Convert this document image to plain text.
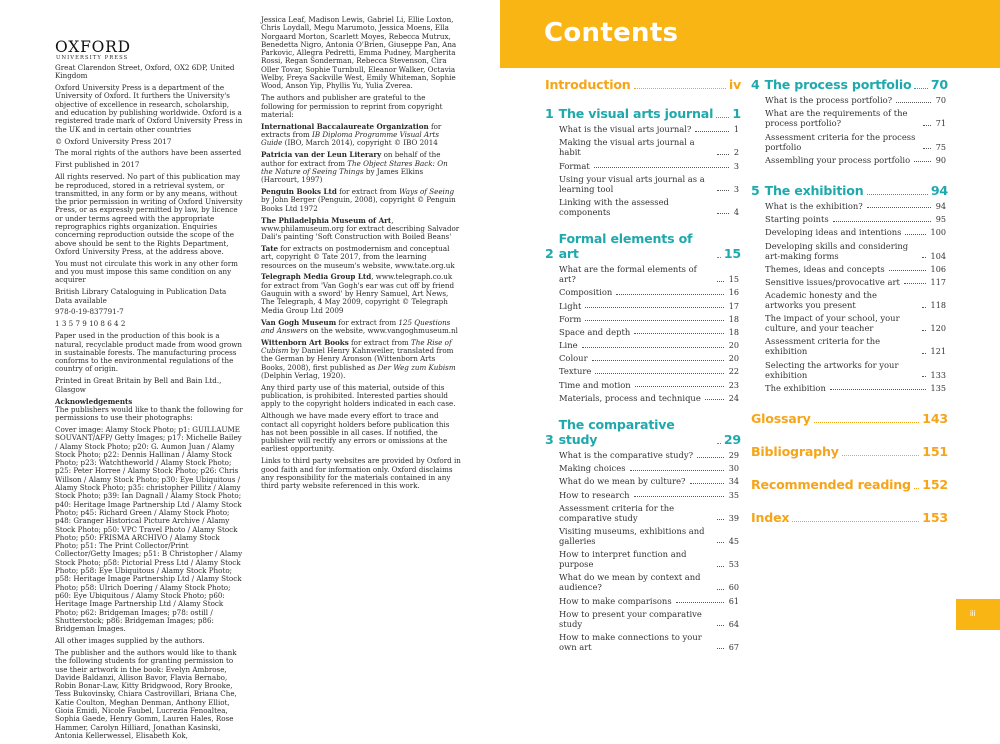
OXFORD
UNIVERSITY PRESS

Great Clarendon Street, Oxford, OX2 6DP, United Kingdom

Oxford University Press is a department of the University of Oxford. It furthers the University's objective of excellence in research, scholarship, and education by publishing worldwide. Oxford is a registered trade mark of Oxford University Press in the UK and in certain other countries

© Oxford University Press 2017

The moral rights of the authors have been asserted

First published in 2017

All rights reserved. No part of this publication may be reproduced, stored in a retrieval system, or transmitted, in any form or by any means, without the prior permission in writing of Oxford University Press, or as expressly permitted by law, by licence or under terms agreed with the appropriate reprographics rights organization. Enquiries concerning reproduction outside the scope of the above should be sent to the Rights Department, Oxford University Press, at the address above.

You must not circulate this work in any other form and you must impose this same condition on any acquirer

British Library Cataloguing in Publication Data
Data available

978-0-19-837791-7

1 3 5 7 9 10 8 6 4 2

Paper used in the production of this book is a natural, recyclable product made from wood grown in sustainable forests. The manufacturing process conforms to the environmental regulations of the country of origin.

Printed in Great Britain by Bell and Bain Ltd., Glasgow

Acknowledgements
The publishers would like to thank the following for permissions to use their photographs:

Cover image: Alamy Stock Photo; p1: GUILLAUME SOUVANT/AFP/ Getty Images; p17: Michelle Bailey / Alamy Stock Photo; p20: G. Aumon Juan / Alamy Stock Photo; p22: Dennis Hallinan / Alamy Stock Photo; p23: Watchtheworld / Alamy Stock Photo; p25: Peter Horree / Alamy Stock Photo; p26: Chris Willson / Alamy Stock Photo; p30: Eye Ubiquitous / Alamy Stock Photo; p35: christopher Pillitz / Alamy Stock Photo; p39: Ian Dagnall / Alamy Stock Photo; p40: Heritage Image Partnership Ltd / Alamy Stock Photo; p45: Richard Green / Alamy Stock Photo; p48: Granger Historical Picture Archive / Alamy Stock Photo; p50: VPC Travel Photo / Alamy Stock Photo; p50: FRISMA ARCHIVO / Alamy Stock Photo; p51: The Print Collector/Print Collector/Getty Images; p51: B Christopher / Alamy Stock Photo; p58: Pictorial Press Ltd / Alamy Stock Photo; p58: Eye Ubiquitous / Alamy Stock Photo; p58: Heritage Image Partnership Ltd / Alamy Stock Photo; p58: Ulrich Doering / Alamy Stock Photo; p60: Eye Ubiquitous / Alamy Stock Photo; p60: Heritage Image Partnership Ltd / Alamy Stock Photo; p62: Bridgeman Images; p78: ostill / Shutterstock; p86: Bridgeman Images; p86: Bridgeman Images.

All other images supplied by the authors.

The publisher and the authors would like to thank the following students for granting permission to use their artwork in the book: Evelyn Ambrose, Davide Baldanzi, Allison Bavor, Flavia Bernabo, Robin Bonar-Law, Kitty Bridgwood, Rory Brooke, Tess Bukovinsky, Chiara Castrovillari, Briana Che, Katie Coulton, Meghan Denman, Anthony Elliot, Gioia Emidi, Nicole Faubel, Lucrezia Fenoaltea, Sophia Gaede, Henry Gomm, Lauren Hales, Rose Hammer, Carolyn Hilliard, Jonathan Kasinski, Antonia Kellerwessel, Elisabeth Kok,

Jessica Leaf, Madison Lewis, Gabriel Li, Ellie Loxton, Chris Loydall, Megu Marumoto, Jessica Moens, Ella Norgaard Morton, Scarlett Moyes, Rebecca Mutrux, Benedetta Nigro, Antonia O'Brien, Giuseppe Pan, Ana Parkovic, Allegra Pedretti, Emma Pudney, Margherita Rossi, Regan Sonderman, Rebecca Stevenson, Cira Oller Tovar, Sophie Turnbull, Eleanor Walker, Octavia Welby, Freya Sackville West, Emily Whiteman, Sophie Wood, Anson Yip, Phyllis Yu, Yulia Zverea.

The authors and publisher are grateful to the following for permission to reprint from copyright material:

International Baccalaureate Organization for extracts from IB Diploma Programme Visual Arts Guide (IBO, March 2014), copyright © IBO 2014

Patricia van der Leun Literary on behalf of the author for extract from The Object Stares Back: On the Nature of Seeing Things by James Elkins (Harcourt, 1997)

Penguin Books Ltd for extract from Ways of Seeing by John Berger (Penguin, 2008), copyright © Penguin Books Ltd 1972

The Philadelphia Museum of Art, www.philamuseum.org for extract describing Salvador Dali's painting 'Soft Construction with Boiled Beans'

Tate for extracts on postmodernism and conceptual art, copyright © Tate 2017, from the learning resources on the museum's website, www.tate.org.uk

Telegraph Media Group Ltd, www.telegraph.co.uk for extract from 'Van Gogh's ear was cut off by friend Gauguin with a sword' by Henry Samuel, Art News, The Telegraph, 4 May 2009, copyright © Telegraph Media Group Ltd 2009

Van Gogh Museum for extract from 125 Questions and Answers on the website, www.vangoghmuseum.nl

Wittenborn Art Books for extract from The Rise of Cubism by Daniel Henry Kahnweiler, translated from the German by Henry Aronson (Wittenborn Arts Books, 2008), first published as Der Weg zum Kubism (Delphin Verlag, 1920).

Any third party use of this material, outside of this publication, is prohibited. Interested parties should apply to the copyright holders indicated in each case.

Although we have made every effort to trace and contact all copyright holders before publication this has not been possible in all cases. If notified, the publisher will rectify any errors or omissions at the earliest opportunity.

Links to third party websites are provided by Oxford in good faith and for information only. Oxford disclaims any responsibility for the materials contained in any third party website referenced in this work.

Contents
Introduction	iv
1 The visual arts journal 1
What is the visual arts journal?	1
Making the visual arts journal a habit	2
Format	3
Using your visual arts journal as a learning tool	3
Linking with the assessed components	4
2
Formal elements of art	15
What are the formal elements of art?	15
Composition	16
Light	17
Form	18
Space and depth	18
Line	20
Colour	20
Texture	22
Time and motion	23
Materials, process and technique	24
3
The comparative study	29
What is the comparative study?	29
Making choices	30
What do we mean by culture?	34
How to research	35
Assessment criteria for the comparative study	39
Visiting museums, exhibitions and galleries	45
How to interpret function and purpose	53
What do we mean by context and audience?	60
How to make comparisons	61
How to present your comparative study	64
How to make connections to your own art	67
4 The process portfolio 70
What is the process portfolio?	70
What are the requirements of the process portfolio?	71
Assessment criteria for the process portfolio	75
Assembling your process portfolio	90
5 The exhibition	94
What is the exhibition?	94
Starting points	95
Developing ideas and intentions	100
Developing skills and considering art-making forms	104
Themes, ideas and concepts	106
Sensitive issues/provocative art	117
Academic honesty and the artworks you present	118
The impact of your school, your culture, and your teacher	120
Assessment criteria for the exhibition	121
Selecting the artworks for your exhibition	133
The exhibition	135
Glossary	143
Bibliography	151
Recommended reading 152
Index	153
iii
